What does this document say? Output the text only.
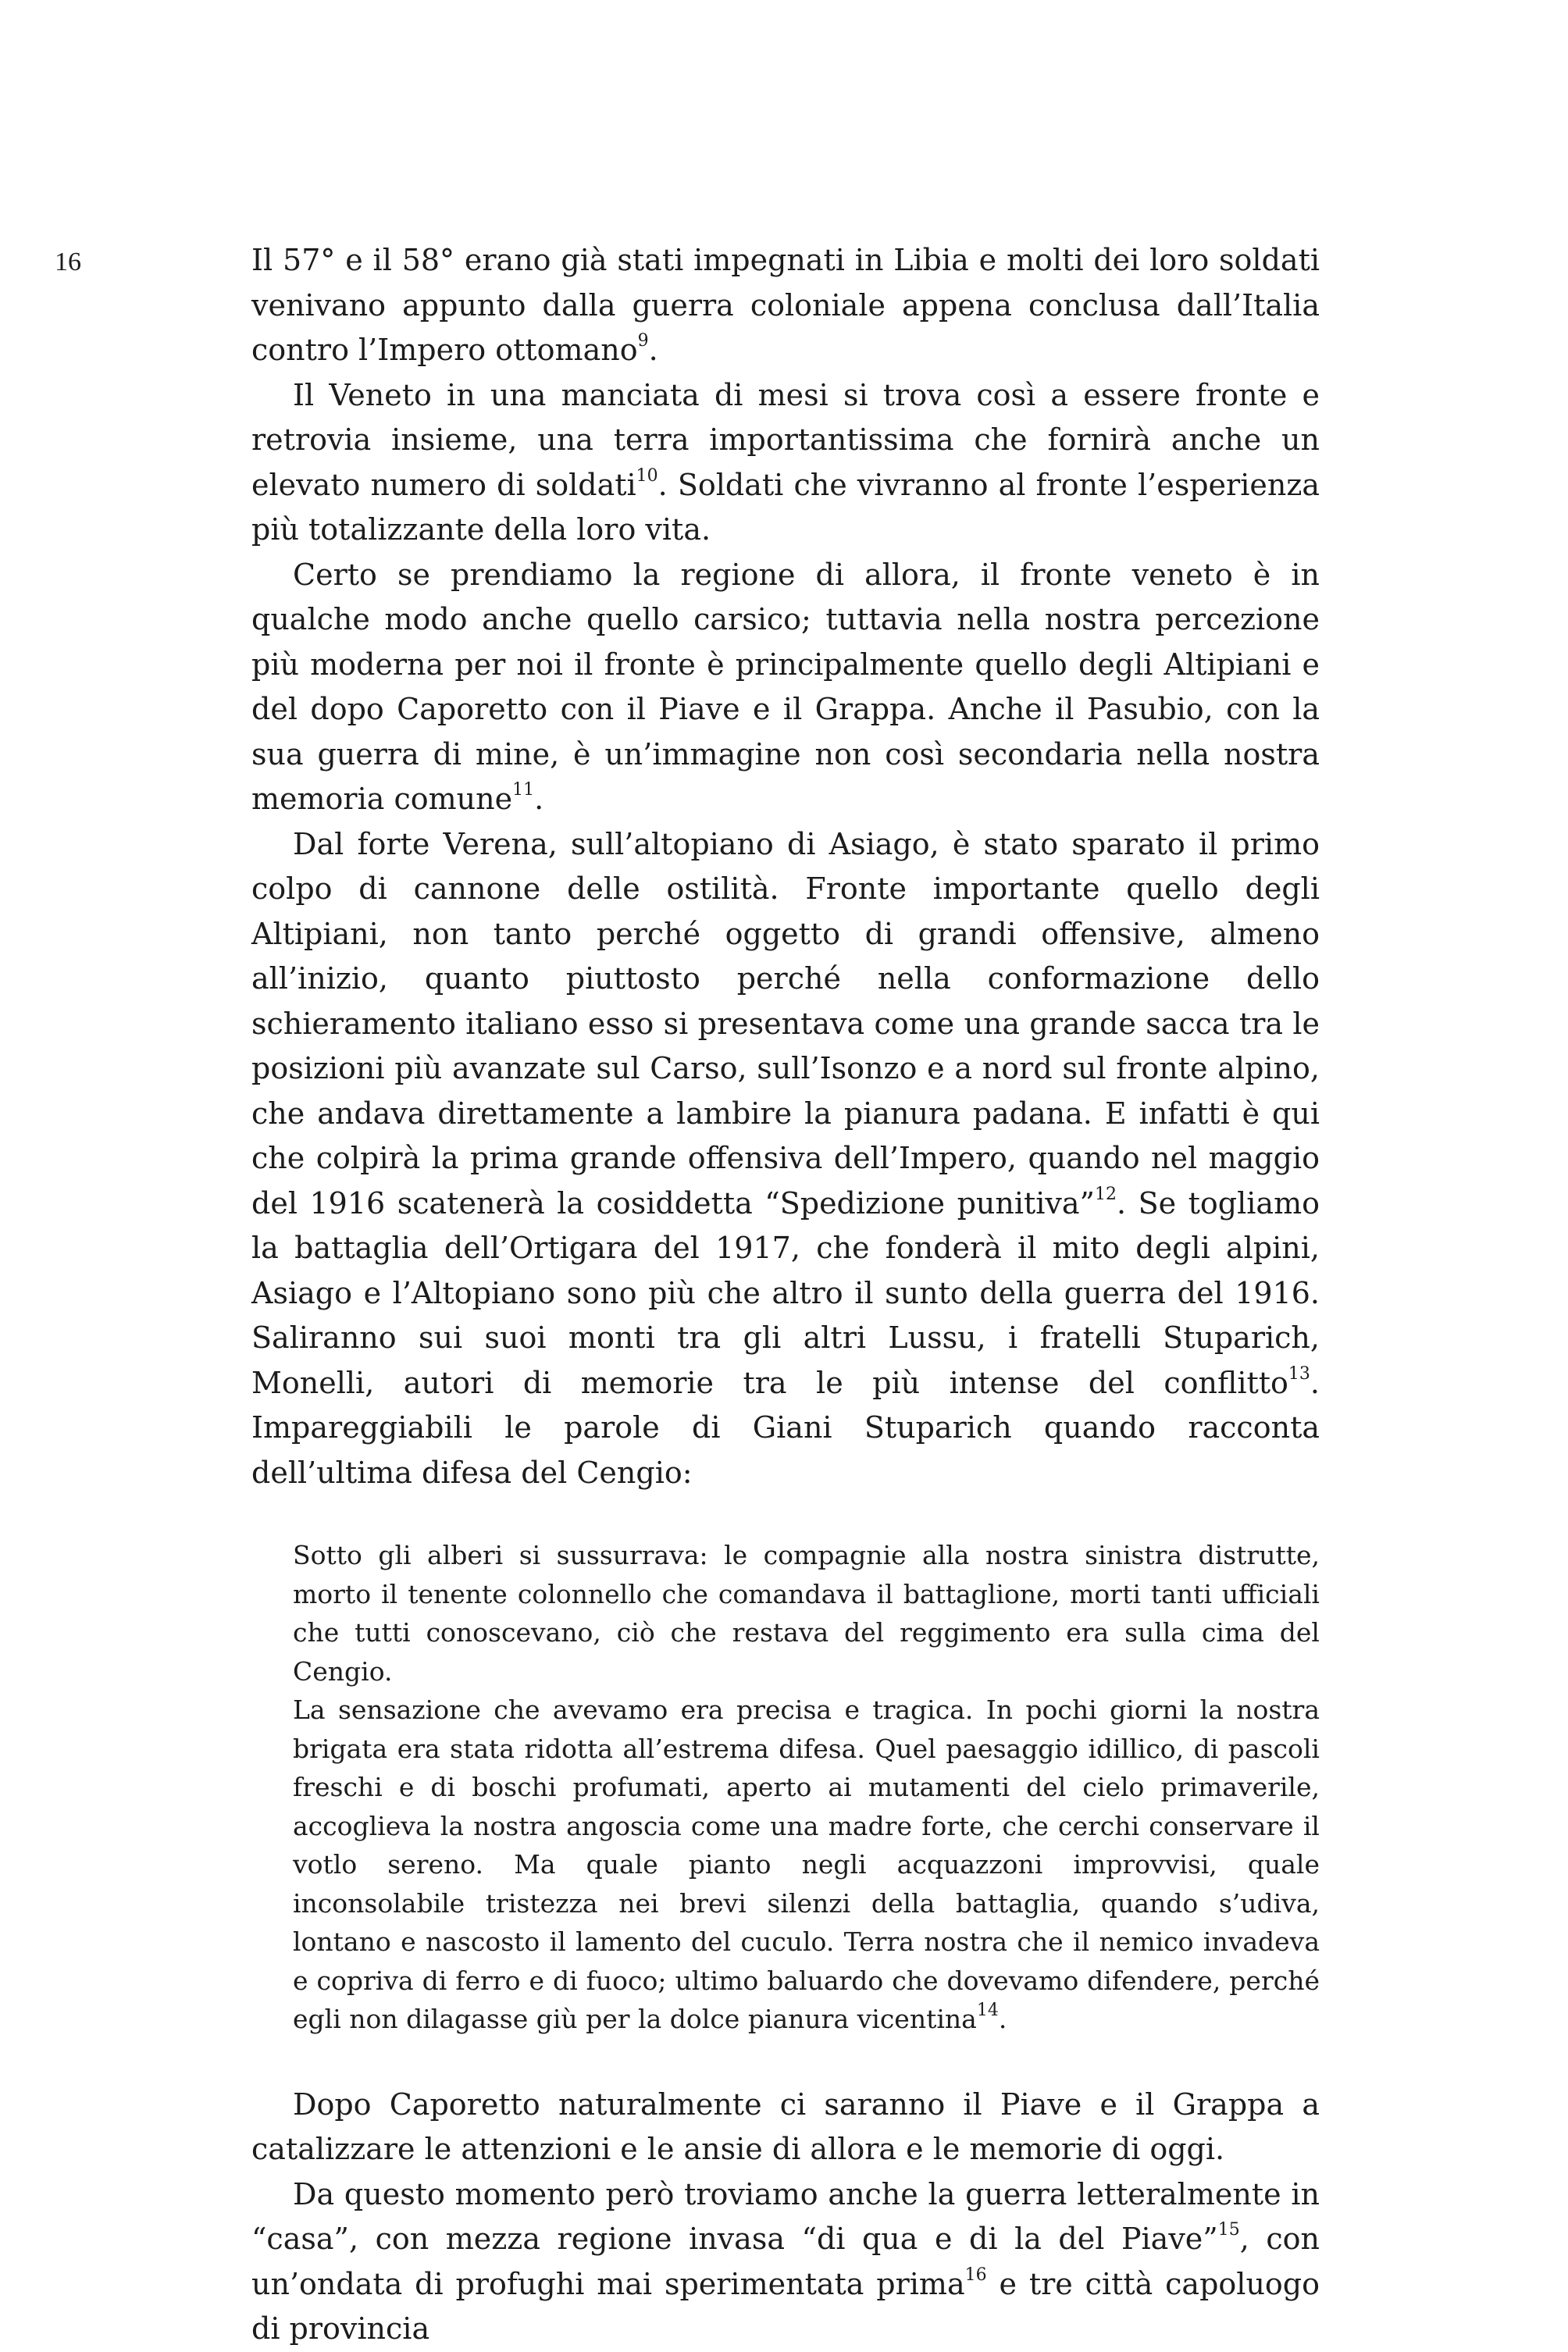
16	Il 57° e il 58° erano già stati impegnati in Libia e molti dei loro soldati venivano appunto dalla guerra coloniale appena conclusa dall’Italia contro l’Impero ottomano$^9$.

Il Veneto in una manciata di mesi si trova così a essere fronte e retrovia insieme, una terra importantissima che fornirà anche un elevato numero di soldati$^{10}$. Soldati che vivranno al fronte l’esperienza più totalizzante della loro vita.

Certo se prendiamo la regione di allora, il fronte veneto è in qualche modo anche quello carsico; tuttavia nella nostra percezione più moderna per noi il fronte è principalmente quello degli Altipiani e del dopo Caporetto con il Piave e il Grappa. Anche il Pasubio, con la sua guerra di mine, è un’immagine non così secondaria nella nostra memoria comune$^{11}$.

Dal forte Verena, sull’altopiano di Asiago, è stato sparato il primo colpo di cannone delle ostilità. Fronte importante quello degli Altipiani, non tanto perché oggetto di grandi offensive, almeno all’inizio, quanto piuttosto perché nella conformazione dello schieramento italiano esso si presentava come una grande sacca tra le posizioni più avanzate sul Carso, sull’Isonzo e a nord sul fronte alpino, che andava direttamente a lambire la pianura padana. E infatti è qui che colpirà la prima grande offensiva dell’Impero, quando nel maggio del 1916 scatenerà la cosiddetta “Spedizione punitiva”$^{12}$. Se togliamo la battaglia dell’Ortigara del 1917, che fonderà il mito degli alpini, Asiago e l’Altopiano sono più che altro il sunto della guerra del 1916. Saliranno sui suoi monti tra gli altri Lussu, i fratelli Stuparich, Monelli, autori di memorie tra le più intense del conflitto$^{13}$. Impareggiabili le parole di Giani Stuparich quando racconta dell’ultima difesa del Cengio:

Sotto gli alberi si sussurrava: le compagnie alla nostra sinistra distrutte, morto il tenente colonnello che comandava il battaglione, morti tanti ufficiali che tutti conoscevano, ciò che restava del reggimento era sulla cima del Cengio.

La sensazione che avevamo era precisa e tragica. In pochi giorni la nostra brigata era stata ridotta all’estrema difesa. Quel paesaggio idillico, di pascoli freschi e di boschi profumati, aperto ai mutamenti del cielo primaverile, accoglieva la nostra angoscia come una madre forte, che cerchi conservare il votlo sereno. Ma quale pianto negli acquazzoni improvvisi, quale inconsolabile tristezza nei brevi silenzi della battaglia, quando s’udiva, lontano e nascosto il lamento del cuculo. Terra nostra che il nemico invadeva e copriva di ferro e di fuoco; ultimo baluardo che dovevamo difendere, perché egli non dilagasse giù per la dolce pianura vicentina$^{14}$.

Dopo Caporetto naturalmente ci saranno il Piave e il Grappa a catalizzare le attenzioni e le ansie di allora e le memorie di oggi.

Da questo momento però troviamo anche la guerra letteralmente in “casa”, con mezza regione invasa “di qua e di la del Piave”$^{15}$, con un’ondata di profughi mai sperimentata prima$^{16}$ e tre città capoluogo di provincia
